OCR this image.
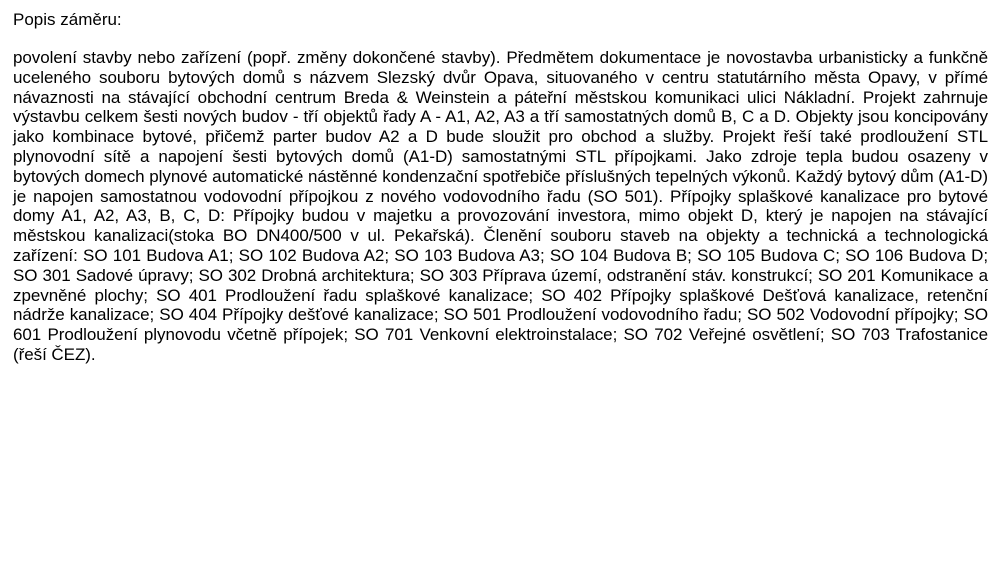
Popis záměru:

povolení stavby nebo zařízení (popř. změny dokončené stavby). Předmětem dokumentace je novostavba urbanisticky a funkčně uceleného souboru bytových domů s názvem Slezský dvůr Opava, situovaného v centru statutárního města Opavy, v přímé návaznosti na stávající obchodní centrum Breda & Weinstein a páteřní městskou komunikaci ulici Nákladní. Projekt zahrnuje výstavbu celkem šesti nových budov - tří objektů řady A - A1, A2, A3 a tří samostatných domů B, C a D. Objekty jsou koncipovány jako kombinace bytové, přičemž parter budov A2 a D bude sloužit pro obchod a služby. Projekt řeší také prodloužení STL plynovodní sítě a napojení šesti bytových domů (A1-D) samostatnými STL přípojkami. Jako zdroje tepla budou osazeny v bytových domech plynové automatické nástěnné kondenzační spotřebiče příslušných tepelných výkonů. Každý bytový dům (A1-D) je napojen samostatnou vodovodní přípojkou z nového vodovodního řadu (SO 501). Přípojky splaškové kanalizace pro bytové domy A1, A2, A3, B, C, D: Přípojky budou v majetku a provozování investora, mimo objekt D, který je napojen na stávající městskou kanalizaci(stoka BO DN400/500 v ul. Pekařská). Členění souboru staveb na objekty a technická a technologická zařízení: SO 101 Budova A1; SO 102 Budova A2; SO 103 Budova A3; SO 104 Budova B; SO 105 Budova C; SO 106 Budova D; SO 301 Sadové úpravy; SO 302 Drobná architektura; SO 303 Příprava území, odstranění stáv. konstrukcí; SO 201 Komunikace a zpevněné plochy; SO 401 Prodloužení řadu splaškové kanalizace; SO 402 Přípojky splaškové Dešťová kanalizace, retenční nádrže kanalizace; SO 404 Přípojky dešťové kanalizace; SO 501 Prodloužení vodovodního řadu; SO 502 Vodovodní přípojky; SO 601 Prodloužení plynovodu včetně přípojek; SO 701 Venkovní elektroinstalace; SO 702 Veřejné osvětlení; SO 703 Trafostanice (řeší ČEZ).
